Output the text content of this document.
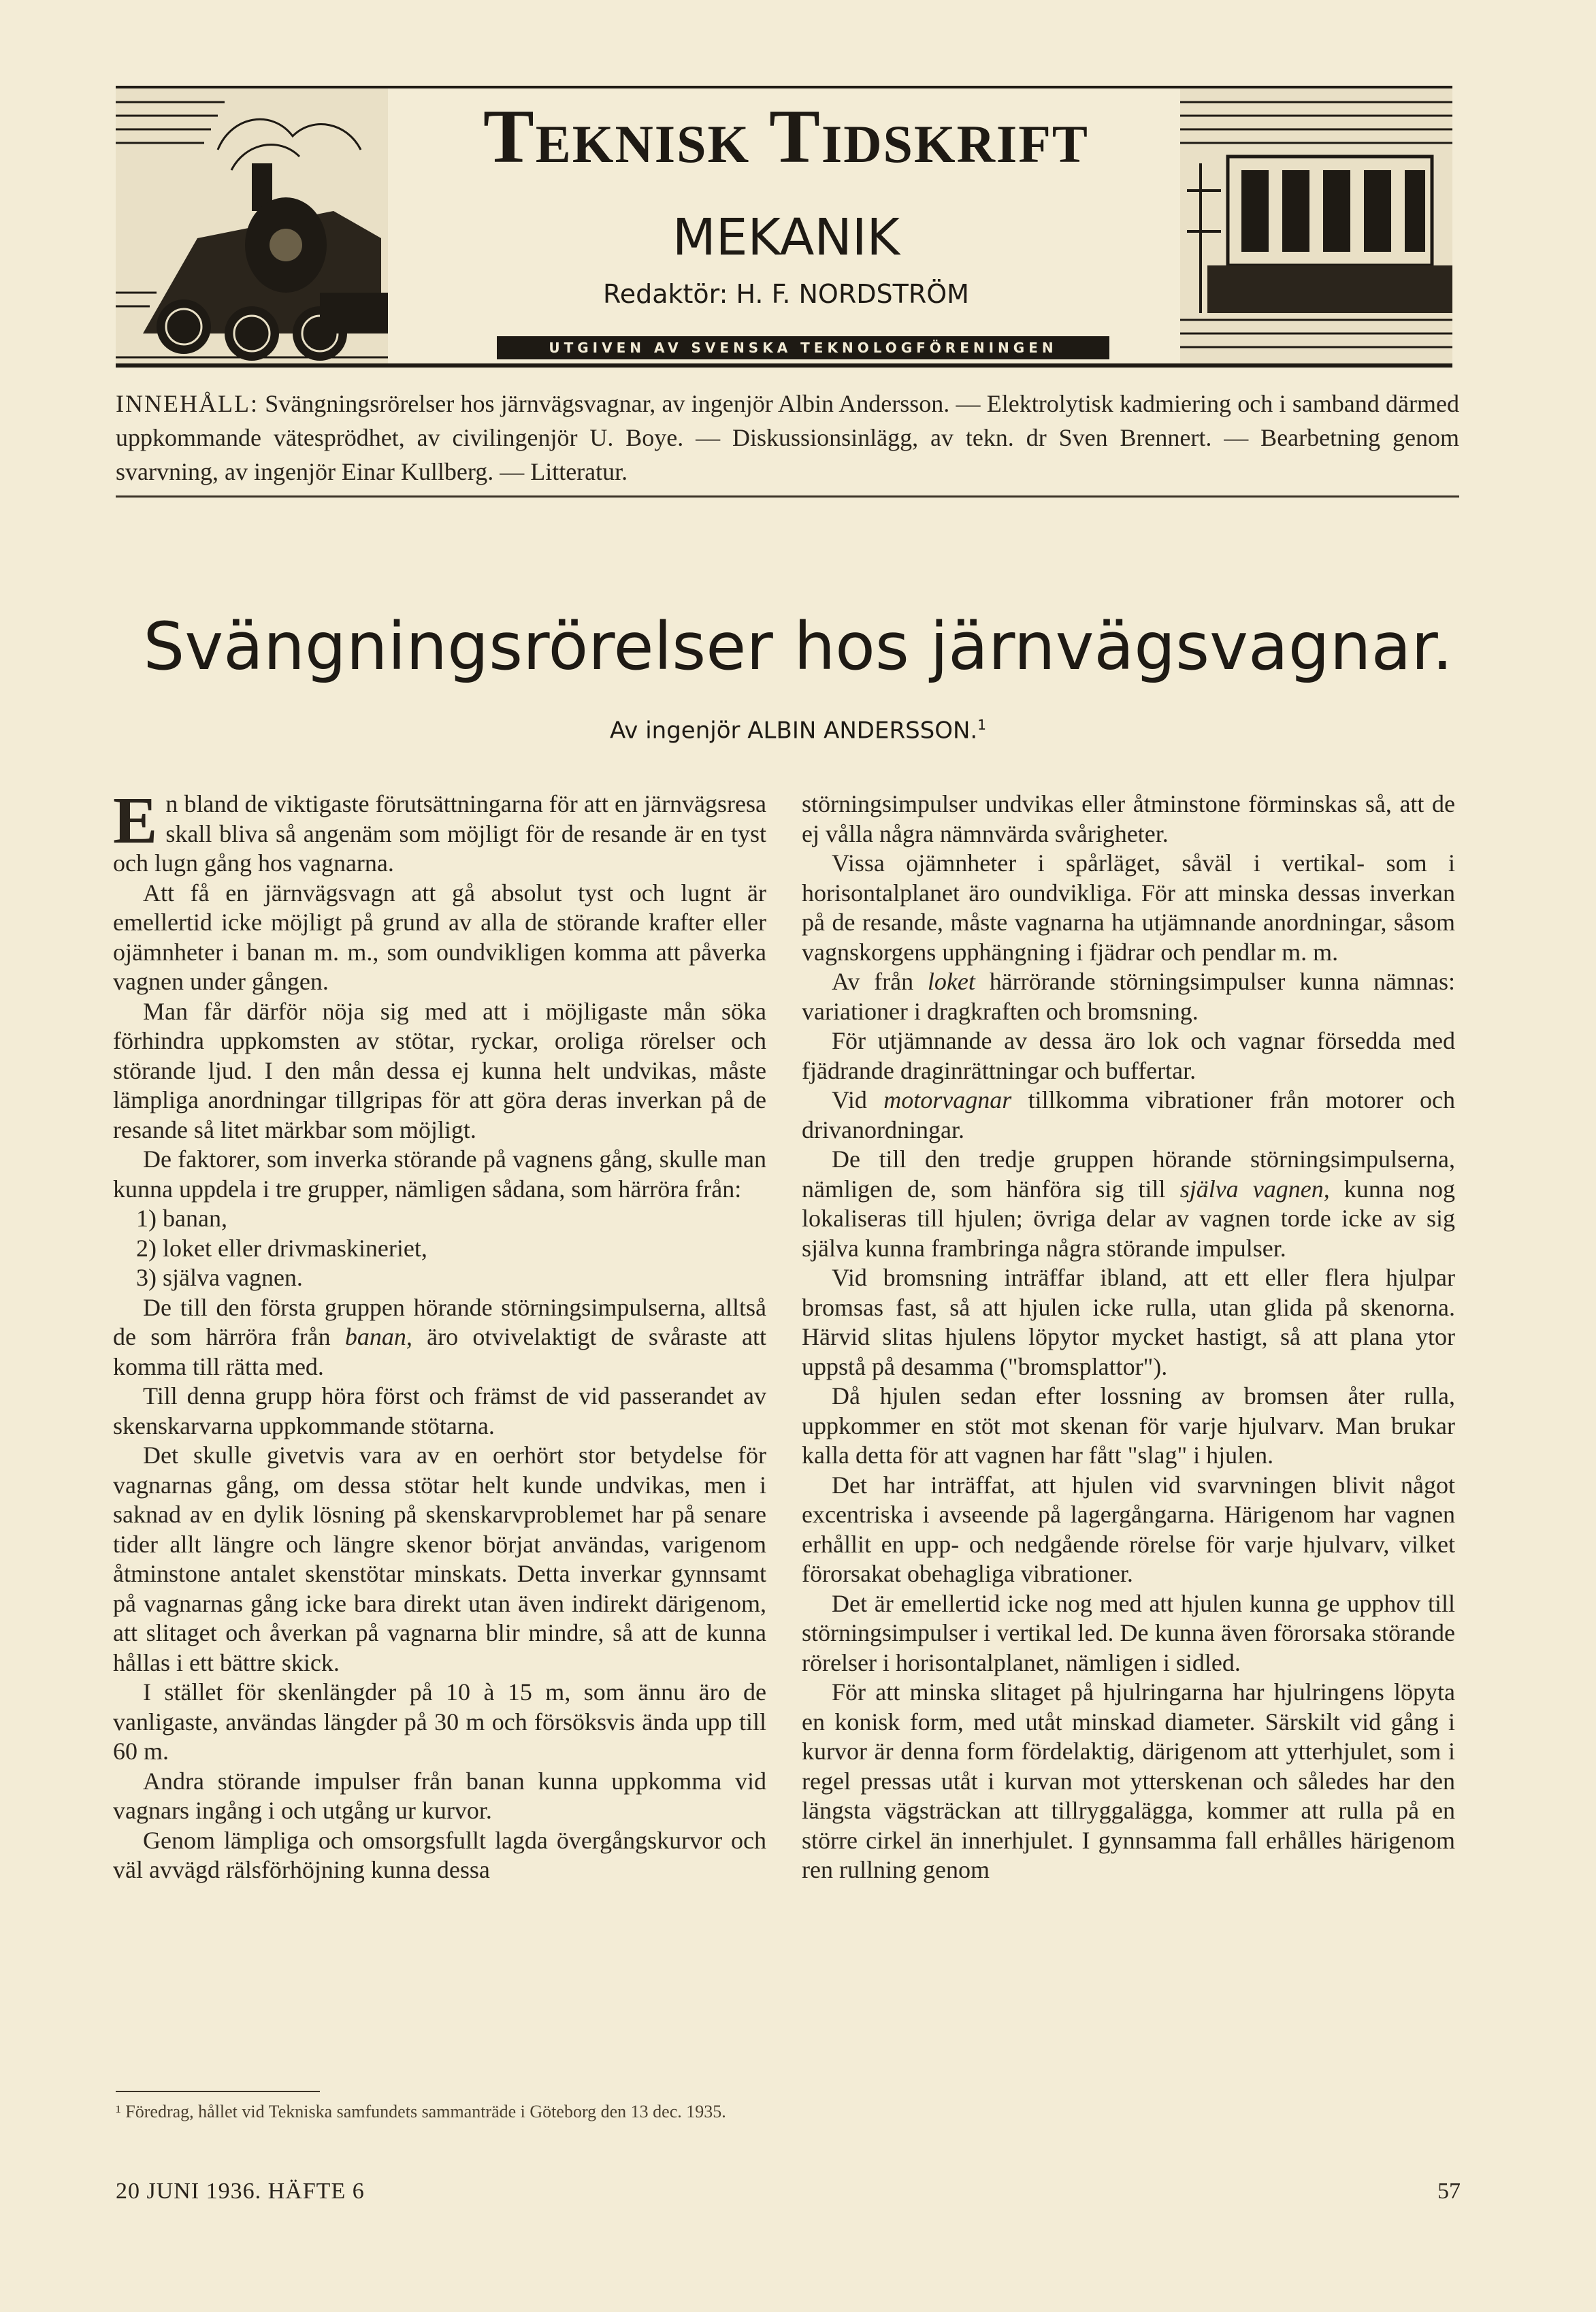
Teknisk Tidskrift
MEKANIK
Redaktör: H. F. NORDSTRÖM
UTGIVEN AV SVENSKA TEKNOLOGFÖRENINGEN
INNEHÅLL: Svängningsrörelser hos järnvägsvagnar, av ingenjör Albin Andersson. — Elektrolytisk kadmiering och i samband därmed uppkommande vätesprödhet, av civilingenjör U. Boye. — Diskussionsinlägg, av tekn. dr Sven Brennert. — Bearbetning genom svarvning, av ingenjör Einar Kullberg. — Litteratur.
Svängningsrörelser hos järnvägsvagnar.
Av ingenjör ALBIN ANDERSSON.$^1$

En bland de viktigaste förutsättningarna för att en järnvägsresa skall bliva så angenäm som möjligt för de resande är en tyst och lugn gång hos vagnarna.

Att få en järnvägsvagn att gå absolut tyst och lugnt är emellertid icke möjligt på grund av alla de störande krafter eller ojämnheter i banan m. m., som oundvikligen komma att påverka vagnen under gången.

Man får därför nöja sig med att i möjligaste mån söka förhindra uppkomsten av stötar, ryckar, oroliga rörelser och störande ljud. I den mån dessa ej kunna helt undvikas, måste lämpliga anordningar tillgripas för att göra deras inverkan på de resande så litet märkbar som möjligt.

De faktorer, som inverka störande på vagnens gång, skulle man kunna uppdela i tre grupper, nämligen sådana, som härröra från:

1) banan,
2) loket eller drivmaskineriet,
3) själva vagnen.

De till den första gruppen hörande störningsimpulserna, alltså de som härröra från banan, äro otvivelaktigt de svåraste att komma till rätta med.

Till denna grupp höra först och främst de vid passerandet av skenskarvarna uppkommande stötarna.

Det skulle givetvis vara av en oerhört stor betydelse för vagnarnas gång, om dessa stötar helt kunde undvikas, men i saknad av en dylik lösning på skenskarvproblemet har på senare tider allt längre och längre skenor börjat användas, varigenom åtminstone antalet skenstötar minskats. Detta inverkar gynnsamt på vagnarnas gång icke bara direkt utan även indirekt därigenom, att slitaget och åverkan på vagnarna blir mindre, så att de kunna hållas i ett bättre skick.

I stället för skenlängder på 10 à 15 m, som ännu äro de vanligaste, användas längder på 30 m och försöksvis ända upp till 60 m.

Andra störande impulser från banan kunna uppkomma vid vagnars ingång i och utgång ur kurvor.

Genom lämpliga och omsorgsfullt lagda övergångskurvor och väl avvägd rälsförhöjning kunna dessa

störningsimpulser undvikas eller åtminstone förminskas så, att de ej vålla några nämnvärda svårigheter.

Vissa ojämnheter i spårläget, såväl i vertikal- som i horisontalplanet äro oundvikliga. För att minska dessas inverkan på de resande, måste vagnarna ha utjämnande anordningar, såsom vagnskorgens upphängning i fjädrar och pendlar m. m.

Av från loket härrörande störningsimpulser kunna nämnas: variationer i dragkraften och bromsning.

För utjämnande av dessa äro lok och vagnar försedda med fjädrande draginrättningar och buffertar.

Vid motorvagnar tillkomma vibrationer från motorer och drivanordningar.

De till den tredje gruppen hörande störningsimpulserna, nämligen de, som hänföra sig till själva vagnen, kunna nog lokaliseras till hjulen; övriga delar av vagnen torde icke av sig själva kunna frambringa några störande impulser.

Vid bromsning inträffar ibland, att ett eller flera hjulpar bromsas fast, så att hjulen icke rulla, utan glida på skenorna. Härvid slitas hjulens löpytor mycket hastigt, så att plana ytor uppstå på desamma ("bromsplattor").

Då hjulen sedan efter lossning av bromsen åter rulla, uppkommer en stöt mot skenan för varje hjulvarv. Man brukar kalla detta för att vagnen har fått "slag" i hjulen.

Det har inträffat, att hjulen vid svarvningen blivit något excentriska i avseende på lagergångarna. Härigenom har vagnen erhållit en upp- och nedgående rörelse för varje hjulvarv, vilket förorsakat obehagliga vibrationer.

Det är emellertid icke nog med att hjulen kunna ge upphov till störningsimpulser i vertikal led. De kunna även förorsaka störande rörelser i horisontalplanet, nämligen i sidled.

För att minska slitaget på hjulringarna har hjulringens löpyta en konisk form, med utåt minskad diameter. Särskilt vid gång i kurvor är denna form fördelaktig, därigenom att ytterhjulet, som i regel pressas utåt i kurvan mot ytterskenan och således har den längsta vägsträckan att tillryggalägga, kommer att rulla på en större cirkel än innerhjulet. I gynnsamma fall erhålles härigenom ren rullning genom

¹ Föredrag, hållet vid Tekniska samfundets sammanträde i Göteborg den 13 dec. 1935.
20 JUNI 1936. HÄFTE 6	57
